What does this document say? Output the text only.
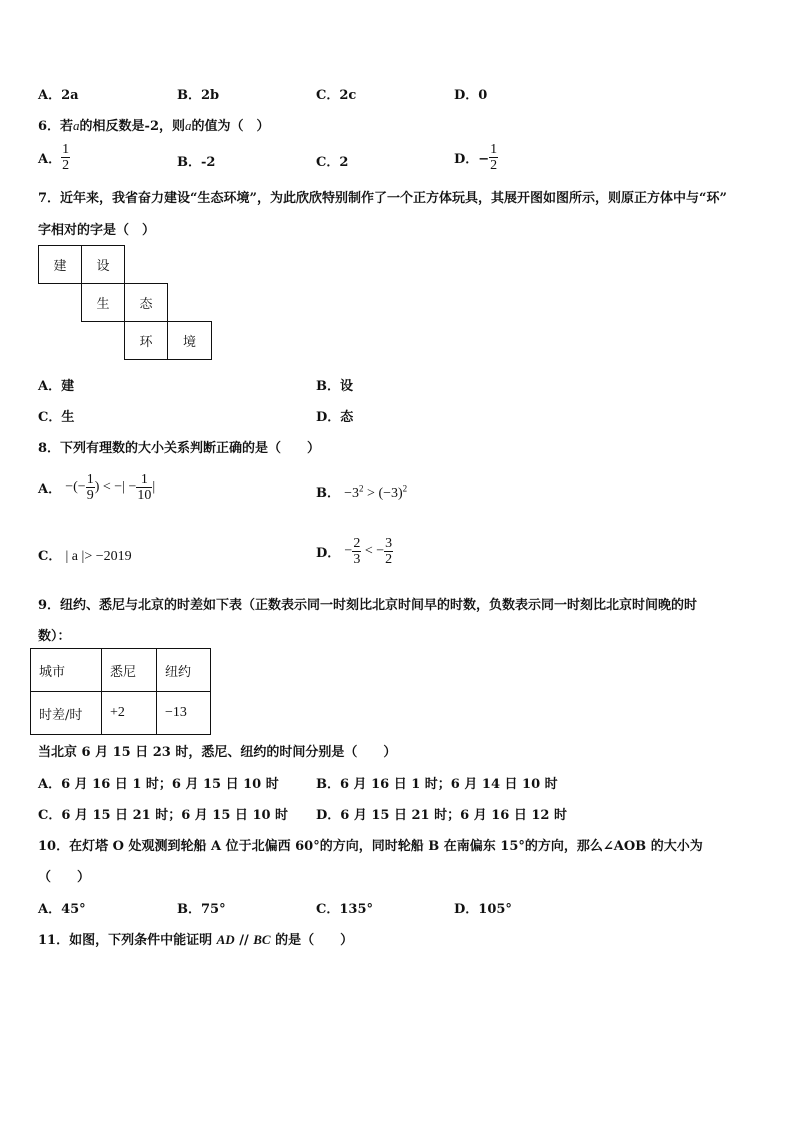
A．2a	B．2b	C．2c	D．0
6．若a的相反数是-2，则a的值为（　）
A． $\frac{1}{2}$	B．-2	C．2	D．− $\frac{1}{2}$
7．近年来，我省奋力建设“生态环境”，为此欣欣特别制作了一个正方体玩具，其展开图如图所示，则原正方体中与“环”
字相对的字是（　）
建	设
生	态
环	境
A．建	B．设
C．生	D．态
8．下列有理数的大小关系判断正确的是（　　）
A． −(− $\frac{1}{9}$ ) < −| − $\frac{1}{10}$ |	B． $-3^2 > (-3)^2$
C． | a |> −2019	D． − $\frac{2}{3}$ < − $\frac{3}{2}$
9．纽约、悉尼与北京的时差如下表（正数表示同一时刻比北京时间早的时数，负数表示同一时刻比北京时间晚的时
数）：
城市	悉尼	纽约
时差/时	+2	−13
当北京 6 月 15 日 23 时，悉尼、纽约的时间分别是（　　）
A．6 月 16 日 1 时；6 月 15 日 10 时	B．6 月 16 日 1 时；6 月 14 日 10 时
C．6 月 15 日 21 时；6 月 15 日 10 时 D．6 月 15 日 21 时；6 月 16 日 12 时
10．在灯塔 O 处观测到轮船 A 位于北偏西 60°的方向，同时轮船 B 在南偏东 15°的方向，那么∠AOB 的大小为
（　　）
A．45°	B．75°	C．135°	D．105°
11．如图，下列条件中能证明 AD // BC 的是（　　）
